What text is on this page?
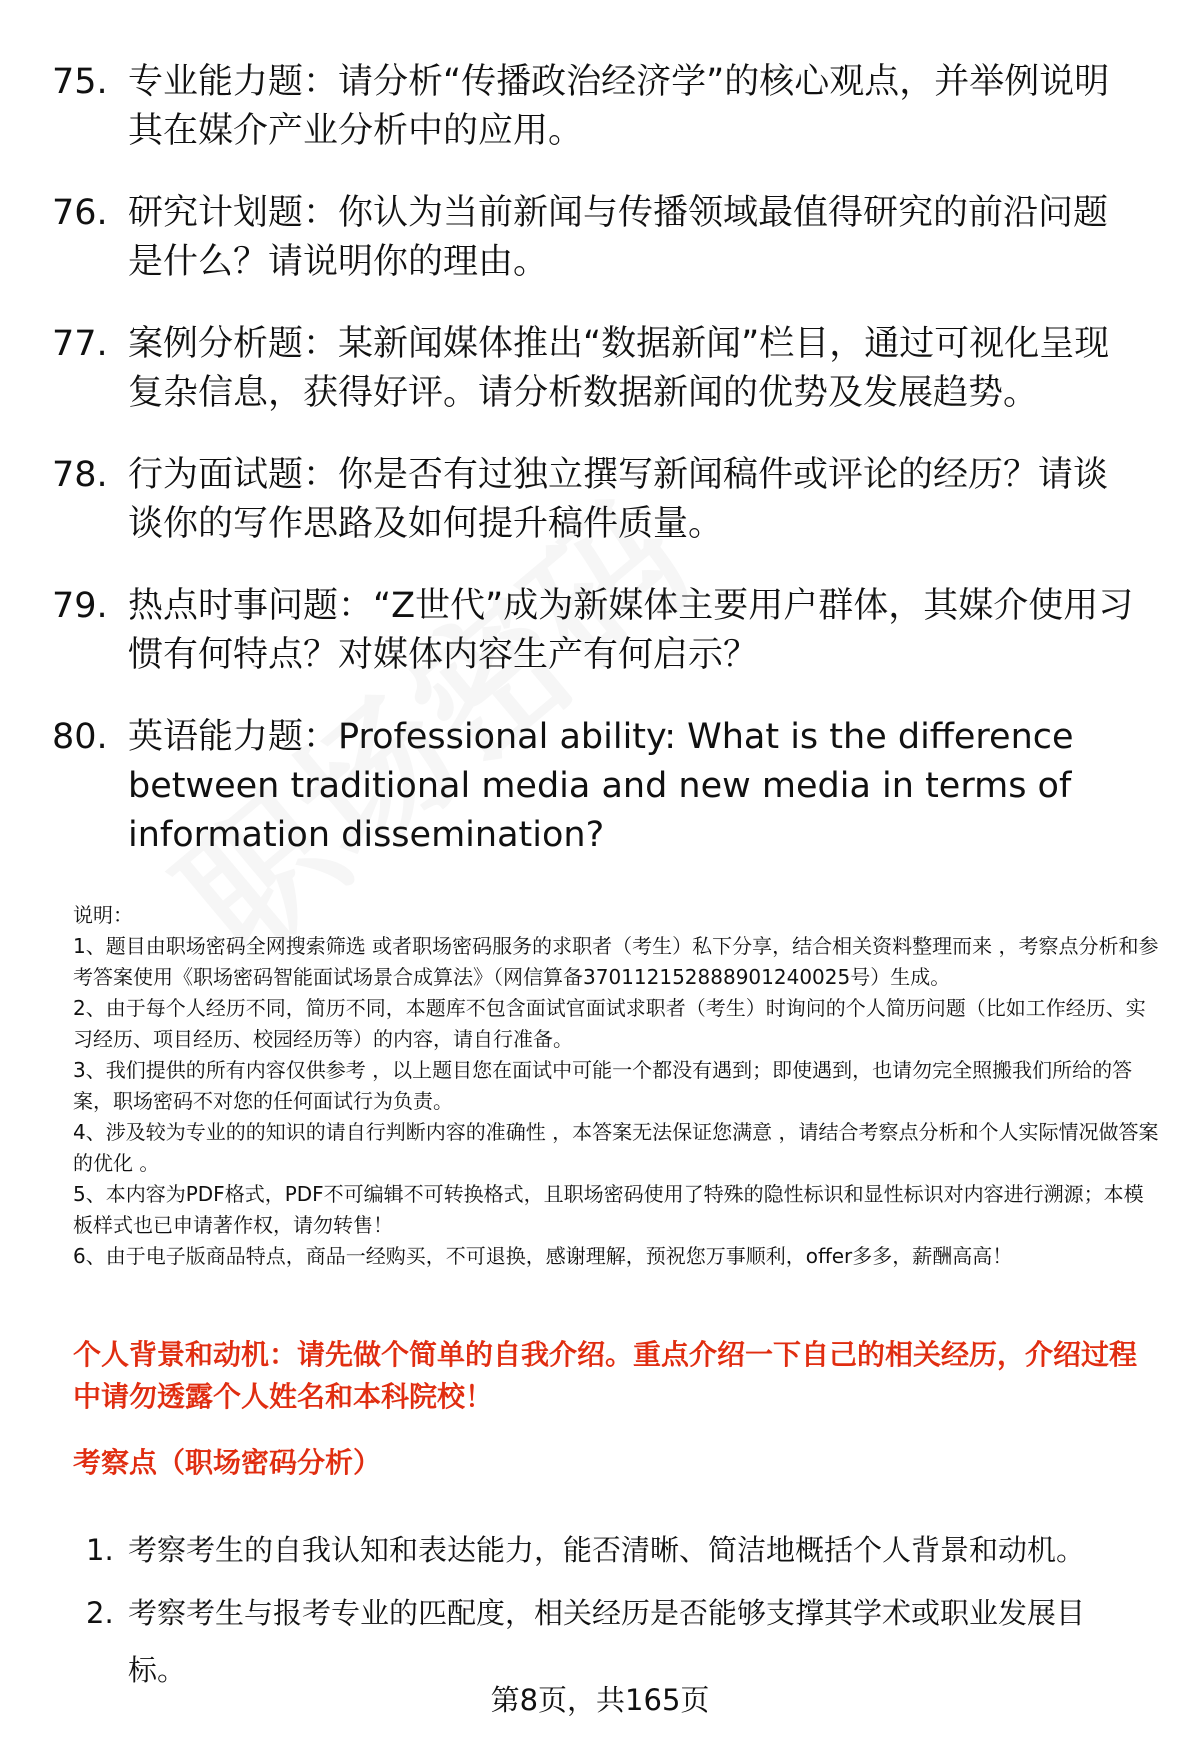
75. 专业能力题：请分析“传播政治经济学”的核心观点，并举例说明其在媒介产业分析中的应用。
76. 研究计划题：你认为当前新闻与传播领域最值得研究的前沿问题是什么？请说明你的理由。
77. 案例分析题：某新闻媒体推出“数据新闻”栏目，通过可视化呈现复杂信息，获得好评。请分析数据新闻的优势及发展趋势。
78. 行为面试题：你是否有过独立撰写新闻稿件或评论的经历？请谈谈你的写作思路及如何提升稿件质量。
79. 热点时事问题：“Z世代”成为新媒体主要用户群体，其媒介使用习惯有何特点？对媒体内容生产有何启示？
80. 英语能力题：Professional ability: What is the difference between traditional media and new media in terms of information dissemination?

说明：

1、题目由职场密码全网搜索筛选 或者职场密码服务的求职者（考生）私下分享，结合相关资料整理而来 ，考察点分析和参考答案使用《职场密码智能面试场景合成算法》（网信算备370112152888901240025号）生成。

2、由于每个人经历不同，简历不同，本题库不包含面试官面试求职者（考生）时询问的个人简历问题（比如工作经历、实习经历、项目经历、校园经历等）的内容，请自行准备。

3、我们提供的所有内容仅供参考 ，以上题目您在面试中可能一个都没有遇到；即使遇到，也请勿完全照搬我们所给的答案，职场密码不对您的任何面试行为负责。

4、涉及较为专业的的知识的请自行判断内容的准确性 ，本答案无法保证您满意 ，请结合考察点分析和个人实际情况做答案的优化 。

5、本内容为PDF格式，PDF不可编辑不可转换格式，且职场密码使用了特殊的隐性标识和显性标识对内容进行溯源；本模板样式也已申请著作权，请勿转售！

6、由于电子版商品特点，商品一经购买，不可退换，感谢理解，预祝您万事顺利，offer多多，薪酬高高！

个人背景和动机：请先做个简单的自我介绍。重点介绍一下自己的相关经历，介绍过程中请勿透露个人姓名和本科院校！
考察点（职场密码分析）
1. 考察考生的自我认知和表达能力，能否清晰、简洁地概括个人背景和动机。
2. 考察考生与报考专业的匹配度，相关经历是否能够支撑其学术或职业发展目标。
第8页，共165页
